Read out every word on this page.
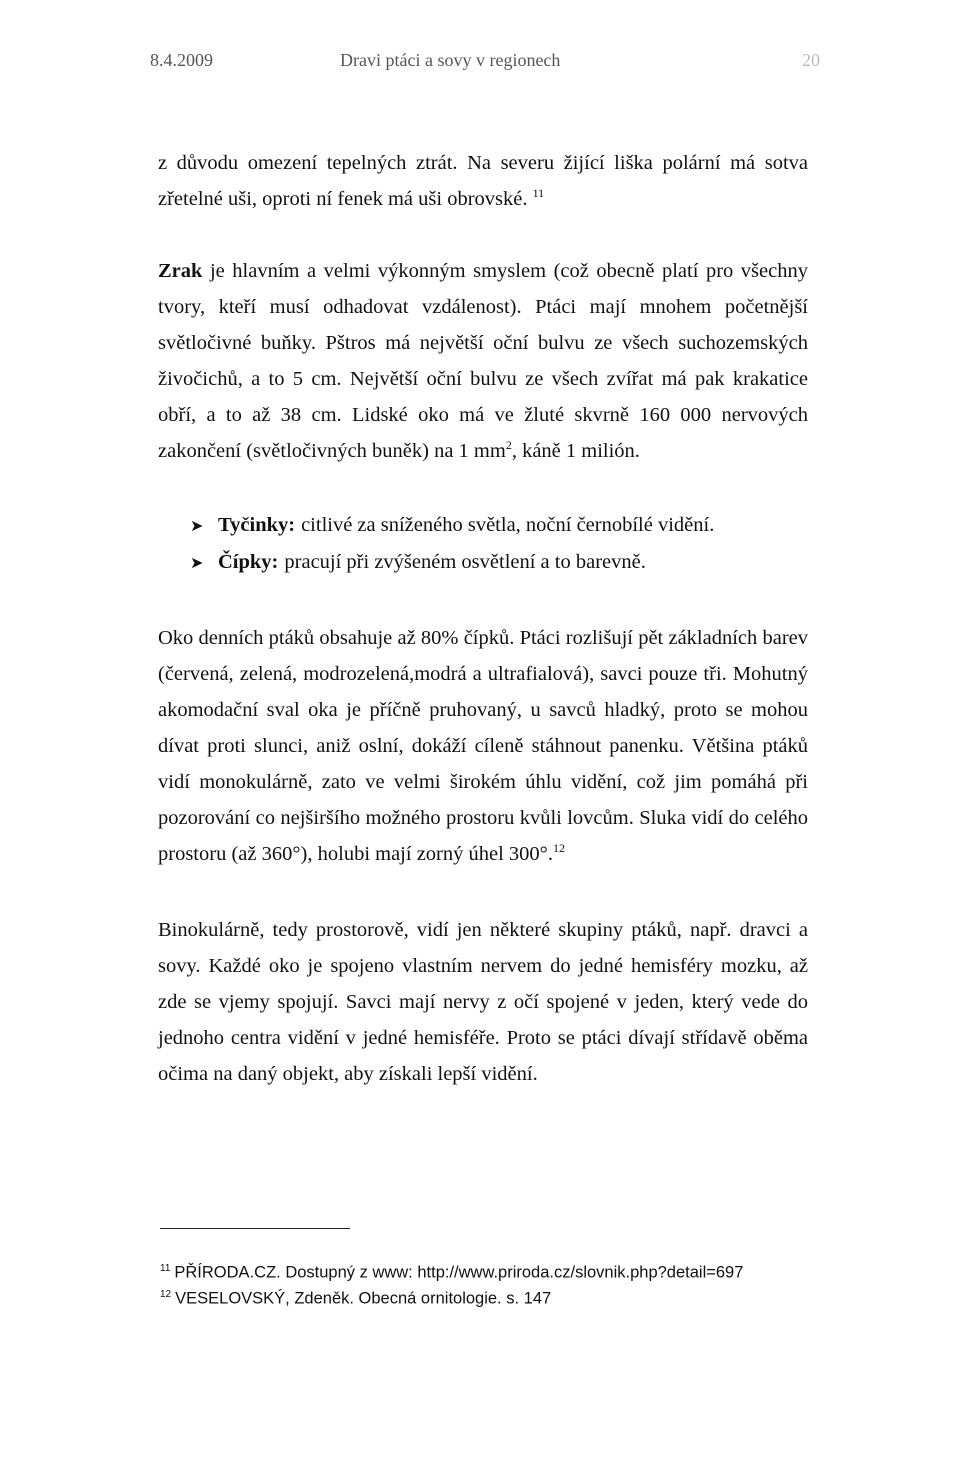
8.4.2009	Dravi ptáci a sovy v regionech	20

z důvodu omezení tepelných ztrát. Na severu žijící liška polární má sotva zřetelné uši, oproti ní fenek má uši obrovské. $^{11}$

Zrak je hlavním a velmi výkonným smyslem (což obecně platí pro všechny tvory, kteří musí odhadovat vzdálenost). Ptáci mají mnohem početnější světločivné buňky. Pštros má největší oční bulvu ze všech suchozemských živočichů, a to 5 cm. Největší oční bulvu ze všech zvířat má pak krakatice obří, a to až 38 cm. Lidské oko má ve žluté skvrně 160 000 nervových zakončení (světločivných buněk) na 1 $mm^2$, káně 1 milión.

➤ Tyčinky: citlivé za sníženého světla, noční černobílé vidění.
➤ Čípky: pracují při zvýšeném osvětlení a to barevně.

Oko denních ptáků obsahuje až 80% čípků. Ptáci rozlišují pět základních barev (červená, zelená, modrozelená,modrá a ultrafialová), savci pouze tři. Mohutný akomodační sval oka je příčně pruhovaný, u savců hladký, proto se mohou dívat proti slunci, aniž oslní, dokáží cíleně stáhnout panenku. Většina ptáků vidí monokulárně, zato ve velmi širokém úhlu vidění, což jim pomáhá při pozorování co nejširšího možného prostoru kvůli lovcům. Sluka vidí do celého prostoru (až 360°), holubi mají zorný úhel 300°.$^{12}$

Binokulárně, tedy prostorově, vidí jen některé skupiny ptáků, např. dravci a sovy. Každé oko je spojeno vlastním nervem do jedné hemisféry mozku, až zde se vjemy spojují. Savci mají nervy z očí spojené v jeden, který vede do jednoho centra vidění v jedné hemisféře. Proto se ptáci dívají střídavě oběma očima na daný objekt, aby získali lepší vidění.

$^{11}$ PŘÍRODA.CZ. Dostupný z www: http://www.priroda.cz/slovnik.php?detail=697
$^{12}$ VESELOVSKÝ, Zdeněk. Obecná ornitologie. s. 147
